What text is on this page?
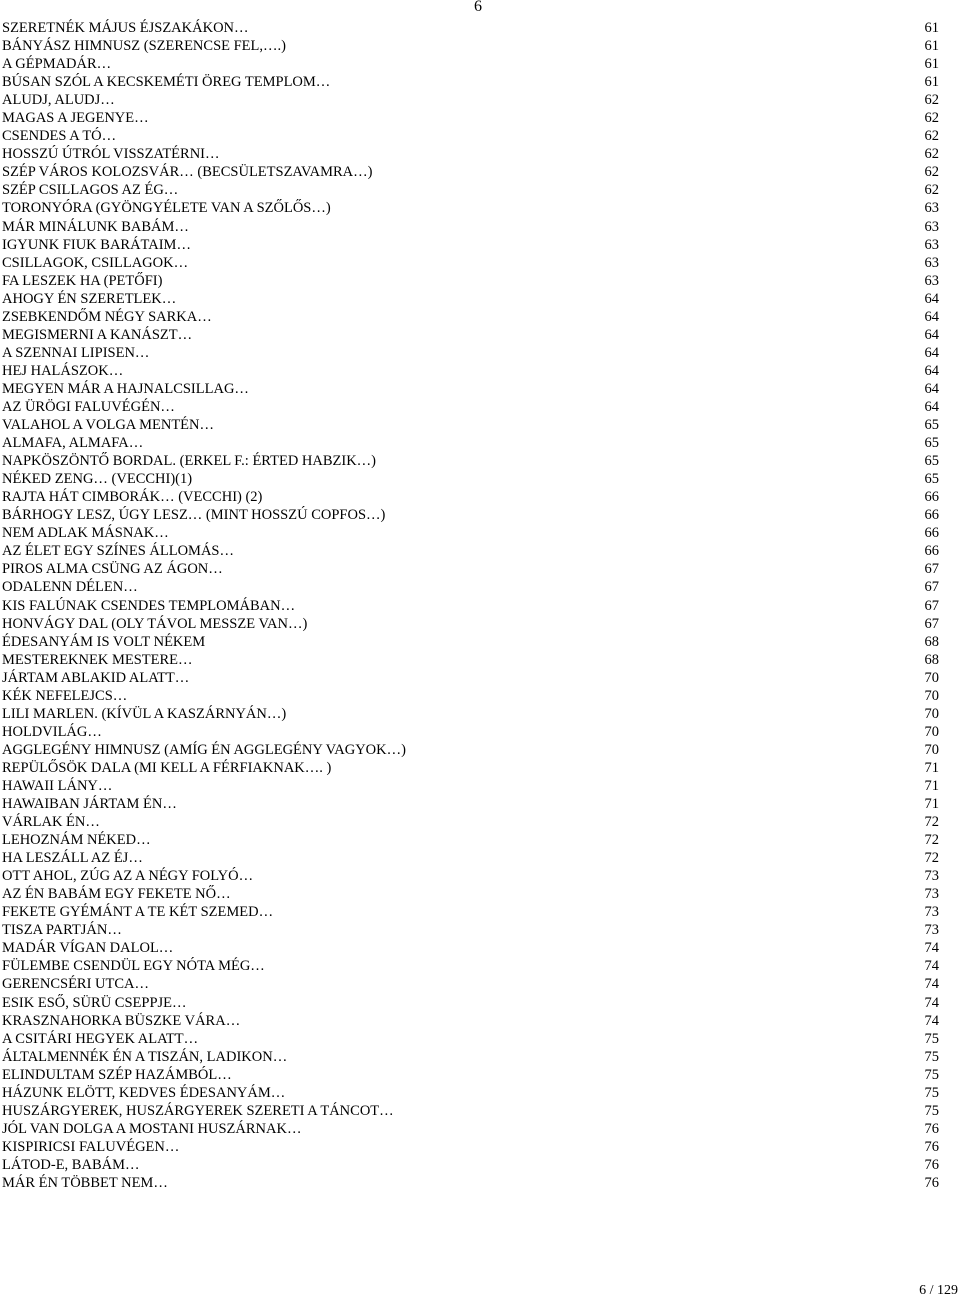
6
SZERETNÉK MÁJUS ÉJSZAKÁKON…	61
BÁNYÁSZ HIMNUSZ (SZERENCSE FEL,….)	61
A GÉPMADÁR…	61
BÚSAN SZÓL A KECSKEMÉTI ÖREG TEMPLOM…	61
ALUDJ, ALUDJ…	62
MAGAS A JEGENYE…	62
CSENDES A TÓ…	62
HOSSZÚ ÚTRÓL VISSZATÉRNI…	62
SZÉP VÁROS KOLOZSVÁR… (BECSÜLETSZAVAMRA…)	62
SZÉP CSILLAGOS AZ ÉG…	62
TORONYÓRA (GYÖNGYÉLETE VAN A SZŐLŐS…)	63
MÁR MINÁLUNK BABÁM…	63
IGYUNK FIUK BARÁTAIM…	63
CSILLAGOK, CSILLAGOK…	63
FA LESZEK HA (PETŐFI)	63
AHOGY ÉN SZERETLEK…	64
ZSEBKENDŐM NÉGY SARKA…	64
MEGISMERNI A KANÁSZT…	64
A SZENNAI LIPISEN…	64
HEJ HALÁSZOK…	64
MEGYEN MÁR A HAJNALCSILLAG…	64
AZ ÜRÖGI FALUVÉGÉN…	64
VALAHOL A VOLGA MENTÉN…	65
ALMAFA, ALMAFA…	65
NAPKÖSZÖNTŐ BORDAL. (ERKEL F.: ÉRTED HABZIK…)	65
NÉKED ZENG… (VECCHI)(1)	65
RAJTA HÁT CIMBORÁK… (VECCHI) (2)	66
BÁRHOGY LESZ, ÚGY LESZ… (MINT HOSSZÚ COPFOS…)	66
NEM ADLAK MÁSNAK…	66
AZ ÉLET EGY SZÍNES ÁLLOMÁS…	66
PIROS ALMA CSÜNG AZ ÁGON…	67
ODALENN DÉLEN…	67
KIS FALÚNAK CSENDES TEMPLOMÁBAN…	67
HONVÁGY DAL (OLY TÁVOL MESSZE VAN…)	67
ÉDESANYÁM IS VOLT NÉKEM	68
MESTEREKNEK MESTERE…	68
JÁRTAM ABLAKID ALATT…	70
KÉK NEFELEJCS…	70
LILI MARLEN. (KÍVÜL A KASZÁRNYÁN…)	70
HOLDVILÁG…	70
AGGLEGÉNY HIMNUSZ (AMÍG ÉN AGGLEGÉNY VAGYOK…)	70
REPÜLŐSÖK DALA (MI KELL A FÉRFIAKNAK…. )	71
HAWAII LÁNY…	71
HAWAIBAN JÁRTAM ÉN…	71
VÁRLAK ÉN…	72
LEHOZNÁM NÉKED…	72
HA LESZÁLL AZ ÉJ…	72
OTT AHOL, ZÚG AZ A NÉGY FOLYÓ…	73
AZ ÉN BABÁM EGY FEKETE NŐ…	73
FEKETE GYÉMÁNT A TE KÉT SZEMED…	73
TISZA PARTJÁN…	73
MADÁR VÍGAN DALOL…	74
FÜLEMBE CSENDÜL EGY NÓTA MÉG…	74
GERENCSÉRI UTCA…	74
ESIK ESŐ, SÜRÜ CSEPPJE…	74
KRASZNAHORKA BÜSZKE VÁRA…	74
A CSITÁRI HEGYEK ALATT…	75
ÁLTALMENNÉK ÉN A TISZÁN, LADIKON…	75
ELINDULTAM SZÉP HAZÁMBÓL…	75
HÁZUNK ELÖTT, KEDVES ÉDESANYÁM…	75
HUSZÁRGYEREK, HUSZÁRGYEREK SZERETI A TÁNCOT…	75
JÓL VAN DOLGA A MOSTANI HUSZÁRNAK…	76
KISPIRICSI FALUVÉGEN…	76
LÁTOD-E, BABÁM…	76
MÁR ÉN TÖBBET NEM…	76
6 / 129
